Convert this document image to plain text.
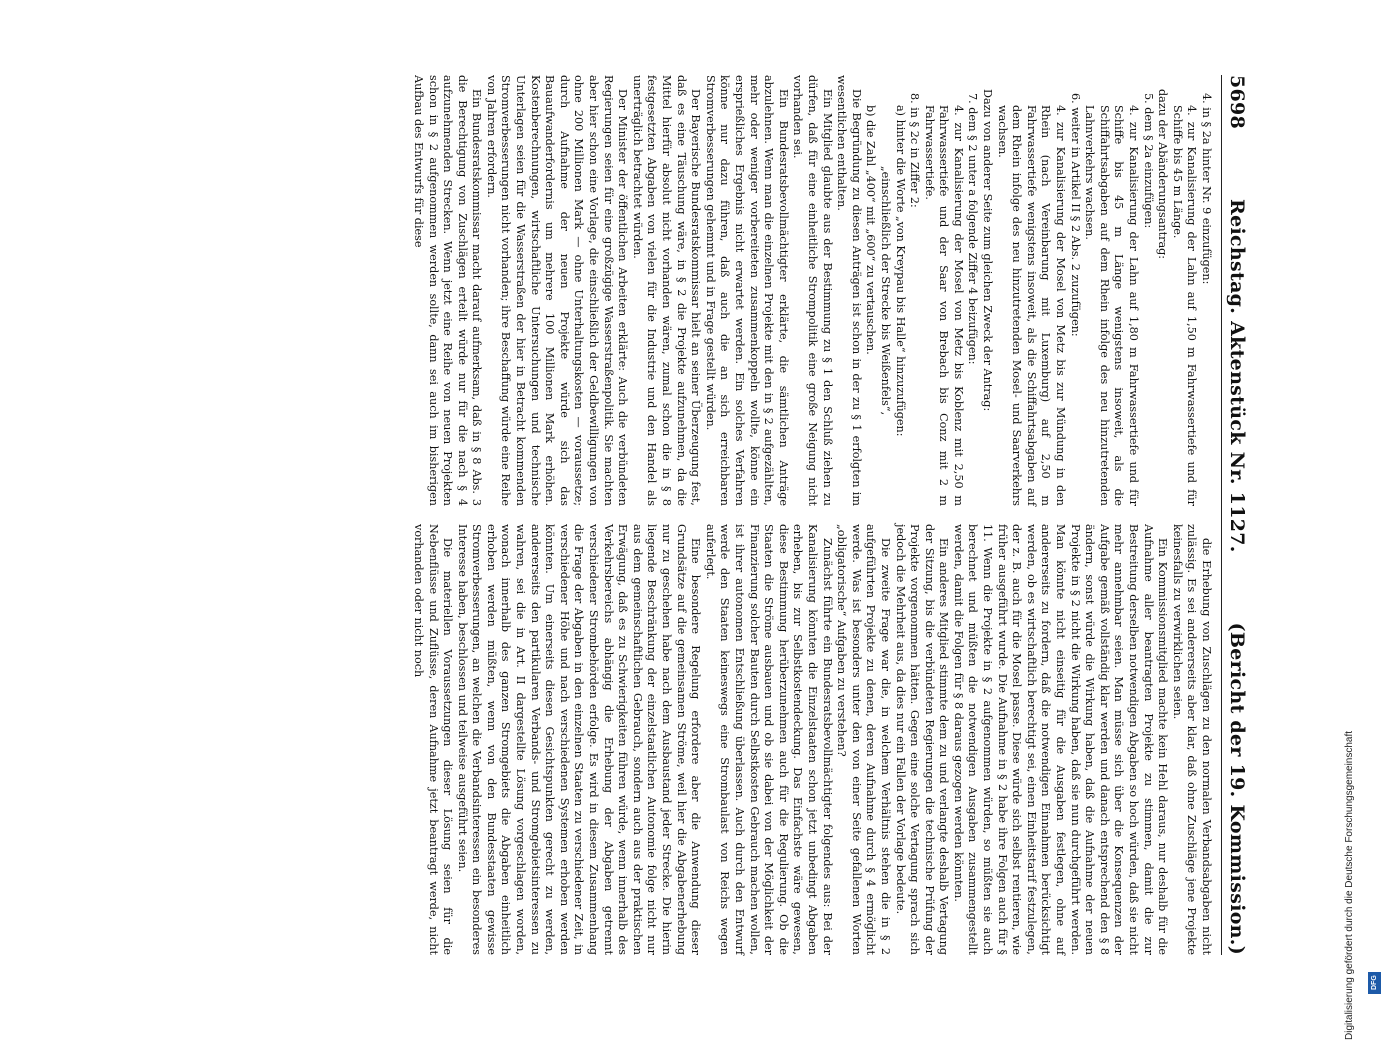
5698
Reichstag. Aktenstück Nr. 1127.
(Bericht der 19. Kommission.)

4. in § 2a hinter Nr. 9 einzufügen:

4. zur Kanalisierung der Lahn auf 1,50 m Fahrwassertiefe und für Schiffe bis 45 m Länge.

dazu der Abänderungsantrag:

5. dem § 2a einzufügen:

4. zur Kanalisierung der Lahn auf 1,80 m Fahrwassertiefe und für Schiffe bis 45 m Länge wenigstens insoweit, als die Schiffahrtsabgaben auf dem Rhein infolge des neu hinzutretenden Lahnverkehrs wachsen.

6. weiter in Artikel II § 2 Abs. 2 zuzufügen:

4. zur Kanalisierung der Mosel von Metz bis zur Mündung in den Rhein (nach Vereinbarung mit Luxemburg) auf 2,50 m Fahrwassertiefe wenigstens insoweit, als die Schiffahrtsabgaben auf dem Rhein infolge des neu hinzutretenden Mosel- und Saarverkehrs wachsen.

Dazu von anderer Seite zum gleichen Zweck der Antrag:

7. dem § 2 unter a folgende Ziffer 4 beizufügen:

4. zur Kanalisierung der Mosel von Metz bis Koblenz mit 2,50 m Fahrwassertiefe und der Saar von Brebach bis Conz mit 2 m Fahrwassertiefe.

8. in § 2c in Ziffer 2:

a) hinter die Worte „von Kreypau bis Halle“ hinzuzufügen:

„einschließlich der Strecke bis Weißenfels“,

b) die Zahl „400“ mit „600“ zu vertauschen.

Die Begründung zu diesen Anträgen ist schon in der zu § 1 erfolgten im wesentlichen enthalten.

Ein Mitglied glaubte aus der Bestimmung zu § 1 den Schluß ziehen zu dürfen, daß für eine einheitliche Strompolitik eine große Neigung nicht vorhanden sei.

Ein Bundesratsbevollmächtigter erklärte, die sämtlichen Anträge abzulehnen. Wenn man die einzelnen Projekte mit den in § 2 aufgezählten, mehr oder weniger vorbereiteten zusammenkoppeln wollte, könne ein ersprießliches Ergebnis nicht erwartet werden. Ein solches Verfahren könne nur dazu führen, daß auch die an sich erreichbaren Stromverbesserungen gehemmt und in Frage gestellt würden.

Der Bayerische Bundesratskommissar hielt an seiner Überzeugung fest, daß es eine Täuschung wäre, in § 2 die Projekte aufzunehmen, da die Mittel hierfür absolut nicht vorhanden wären, zumal schon die in § 8 festgesetzten Abgaben von vielen für die Industrie und den Handel als unerträglich betrachtet würden.

Der Minister der öffentlichen Arbeiten erklärte: Auch die verbündeten Regierungen seien für eine großzügige Wasserstraßenpolitik. Sie machten aber hier schon eine Vorlage, die einschließlich der Geldbewilligungen von ohne 200 Millionen Mark — ohne Unterhaltungskosten — voraussetze; durch Aufnahme der neuen Projekte würde sich das Bauaufwanderfordernis um mehrere 100 Millionen Mark erhöhen. Kostenberechnungen, wirtschaftliche Untersuchungen und technische Unterlagen seien für die Wasserstraßen der hier in Betracht kommenden Stromverbesserungen nicht vorhanden; ihre Beschaffung würde eine Reihe von Jahren erfordern.

Ein Bundesratskommissar macht darauf aufmerksam, daß in § 8 Abs. 3 die Berechtigung von Zuschlägen erteilt würde nur für die nach § 4 aufzunehmenden Strecken. Wenn jetzt eine Reihe von neuen Projekten schon in § 2 aufgenommen werden sollte, dann sei auch im bisherigen Aufbau des Entwurfs für diese

die Erhebung von Zuschlägen zu den normalen Verbandsabgaben nicht zulässig. Es sei andererseits aber klar, daß ohne Zuschläge jene Projekte keinesfalls zu verwirklichen seien.

Ein Kommissionsmitglied machte kein Hehl daraus, nur deshalb für die Aufnahme aller beantragten Projekte zu stimmen, damit die zur Bestreitung derselben notwendigen Abgaben so hoch würden, daß sie nicht mehr annehmbar seien. Man müsse sich über die Konsequenzen der Aufgabe gemäß vollständig klar werden und danach entsprechend den § 8 ändern, sonst würde die Wirkung haben, daß die Aufnahme der neuen Projekte in § 2 nicht die Wirkung haben, daß sie nun durchgeführt werden. Man könnte nicht einseitig für die Ausgaben festlegen, ohne auf andererseits zu fordern, daß die notwendigen Einnahmen berücksichtigt werden, ob es wirtschaftlich berechtigt sei, einen Einheitstarif festzulegen, der z. B. auch für die Mosel passe. Diese würde sich selbst rentieren, wie früher ausgeführt wurde. Die Aufnahme in § 2 habe ihre Folgen auch für § 11. Wenn die Projekte in § 2 aufgenommen würden, so müßten sie auch berechnet und müßten die notwendigen Ausgaben zusammengestellt werden, damit die Folgen für § 8 daraus gezogen werden könnten.

Ein anderes Mitglied stimmte dem zu und verlangte deshalb Vertagung der Sitzung, bis die verbündeten Regierungen die technische Prüfung der Projekte vorgenommen hätten. Gegen eine solche Vertagung sprach sich jedoch die Mehrheit aus, da dies nur ein Fallen der Vorlage bedeute.

Die zweite Frage war die, in welchem Verhältnis stehen die in § 2 aufgeführten Projekte zu denen, deren Aufnahme durch § 4 ermöglicht werde. Was ist besonders unter den von einer Seite gefallenen Worten „obligatorische“ Aufgaben zu verstehen?

Zunächst führte ein Bundesratsbevollmächtigter folgendes aus: Bei der Kanalisierung könnten die Einzelstaaten schon jetzt unbedingt Abgaben erheben, bis zur Selbstkostendeckung. Das Einfachste wäre gewesen, diese Bestimmung herüberzunehmen auch für die Regulierung. Ob die Staaten die Ströme ausbauen und ob sie dabei von der Möglichkeit der Finanzierung solcher Bauten durch Selbstkosten Gebrauch machen wollen, ist ihrer autonomen Entschließung überlassen. Auch durch den Entwurf werde den Staaten keineswegs eine Strombaulast von Reichs wegen auferlegt.

Eine besondere Regelung erfordere aber die Anwendung dieser Grundsätze auf die gemeinsamen Ströme, weil hier die Abgabenerhebung nur zu geschehen habe nach dem Ausbaustand jeder Strecke. Die hierin liegende Beschränkung der einzelstaatlichen Autonomie folge nicht nur aus dem gemeinschaftlichen Gebrauch, sondern auch aus der praktischen Erwägung, daß es zu Schwierigkeiten führen würde, wenn innerhalb des Verkehrsbereichs abhängig die Erhebung der Abgaben getrennt verschiedener Strombehörden erfolge. Es wird in diesem Zusammenhang die Frage der Abgaben in den einzelnen Staaten zu verschiedener Zeit, in verschiedener Höhe und nach verschiedenen Systemen erhoben werden könnten. Um einerseits diesen Gesichtspunkten gerecht zu werden, andererseits den partikularen Verbands- und Stromgebietsinteressen zu wahren, sei die in Art. II dargestellte Lösung vorgeschlagen worden, wonach innerhalb des ganzen Stromgebiets die Abgaben einheitlich erhoben werden müßten, wenn von den Bundesstaaten gewisse Stromverbesserungen, an welchen die Verbandsinteressen ein besonderes Interesse haben, beschlossen und teilweise ausgeführt seien.

Die materiellen Voraussetzungen dieser Lösung seien für die Nebenflüsse und Zuflüsse, deren Aufnahme jetzt beantragt werde, nicht vorhanden oder nicht noch

Digitalisierung gefördert durch die Deutsche Forschungsgemeinschaft	DFG
